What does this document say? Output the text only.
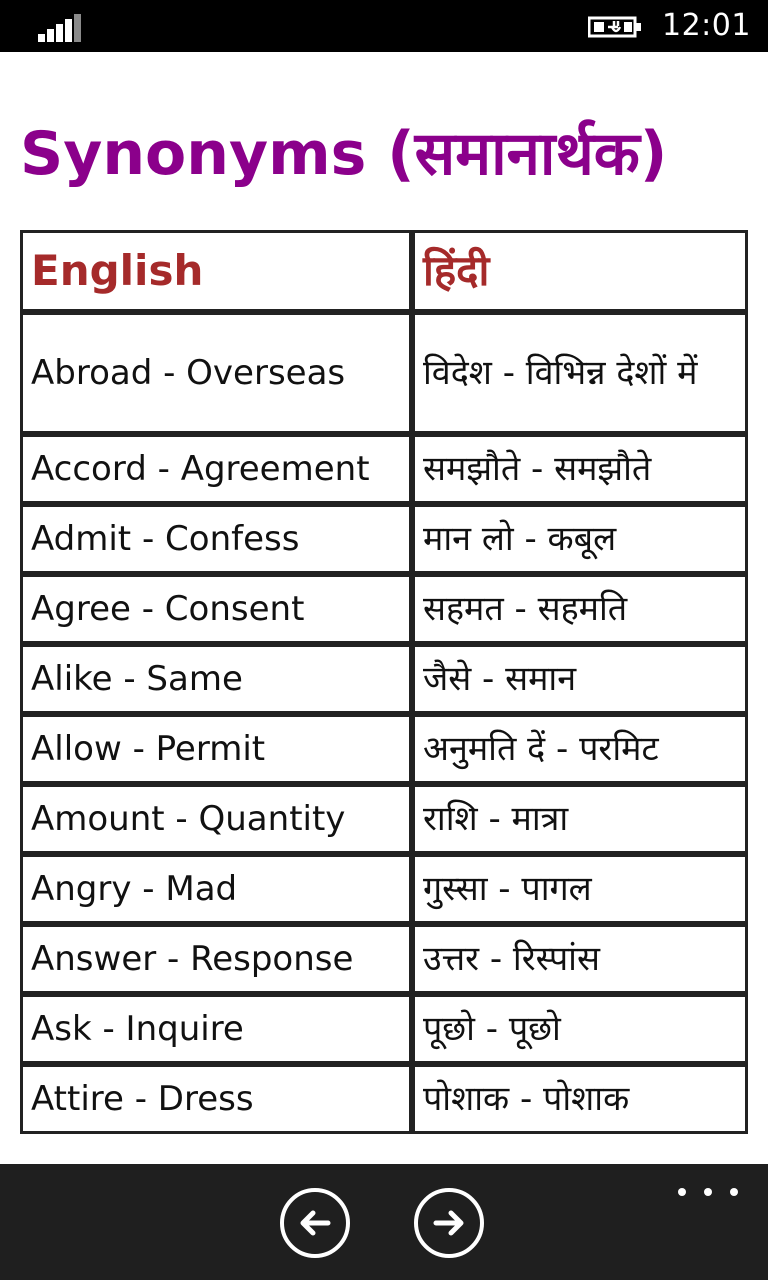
12:01
Synonyms (समानार्थक)
English	हिंदी
Abroad - Overseas	विदेश - विभिन्न देशों में
Accord - Agreement	समझौते - समझौते
Admit - Confess	मान लो - कबूल
Agree - Consent	सहमत - सहमति
Alike - Same	जैसे - समान
Allow - Permit	अनुमति दें - परमिट
Amount - Quantity	राशि - मात्रा
Angry - Mad	गुस्सा - पागल
Answer - Response	उत्तर - रिस्पांस
Ask - Inquire	पूछो - पूछो
Attire - Dress	पोशाक - पोशाक
